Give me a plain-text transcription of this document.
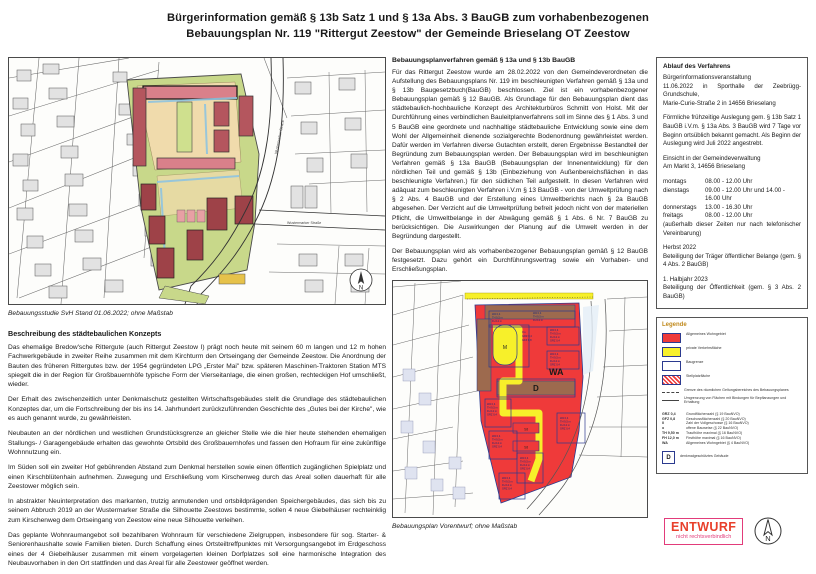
Bürgerinformation gemäß § 13b Satz 1 und § 13a Abs. 3 BauGB zum vorhabenbezogenen
Bebauungsplan Nr. 119 "Rittergut Zeestow" der Gemeinde Brieselang OT Zeestow
Wustermarker Straße
Wustermarker Straße
N
Bebauungsstudie SvH Stand 01.06.2022; ohne Maßstab
Beschreibung des städtebaulichen Konzepts

Das ehemalige Bredow'sche Rittergute (auch Rittergut Zeestow I) prägt noch heute mit seinem 60 m langen und 12 m hohen Fachwerkgebäude in zweiter Reihe zusammen mit dem Kirchturm den Ortseingang der Gemeinde Zeestow. Die Anordnung der Bauten des früheren Rittergutes bzw. der 1954 gegründeten LPG „Erster Mai" bzw. späteren Maschinen-Traktoren Station MTS spiegelt die in der Region für Großbauernhöfe typische Form der Vierseitanlage, die einen großen, rechteckigen Hof umschließt, wieder.

Der Erhalt des zwischenzeitlich unter Denkmalschutz gestellten Wirtschaftsgebäudes stellt die Grundlage des städtebaulichen Konzeptes dar, um die Fortschreibung der bis ins 14. Jahrhundert zurückzuführenden Geschichte des „Gutes bei der Kirche", wie es auch genannt wurde, zu gewährleisten.

Neubauten an der nördlichen und westlichen Grundstücksgrenze an gleicher Stelle wie die hier heute stehenden ehemaligen Stallungs- / Garagengebäude erhalten das gewohnte Ortsbild des Großbauernhofes und fassen den Hofraum für eine zukünftige Wohnnutzung ein.

Im Süden soll ein zweiter Hof gebührenden Abstand zum Denkmal herstellen sowie einen öffentlich zugänglichen Spielplatz und einen Kirschblütenhain aufnehmen. Zuwegung und Erschließung vom Kirschenweg durch das Areal sollen dauerhaft für alle Zeestower möglich sein.

In abstrakter Neuinterpretation des markanten, trutzig anmutenden und ortsbildprägenden Speichergebäudes, das sich bis zu seinem Abbruch 2019 an der Wustermarker Straße die Silhouette Zeestows bestimmte, sollen 4 neue Giebelhäuser rechteinklig zum Kirschenweg dem Ortseingang von Zeestow eine neue Silhouette verleihen.

Das geplante Wohnraumangebot soll bezahlbaren Wohnraum für verschiedene Zielgruppen, insbesondere für sog. Starter- & Seniorenhaushalte sowie Familien bieten. Durch Schaffung eines Ortsteiltreffpunktes mit Versorgungsangebot im Erdgeschoss eines der 4 Giebelhäuser zusammen mit einem vorgelagerten kleinen Dorfplatzes soll eine harmonische Integration des Neubauvorhaben in den Ort stattfinden und das Areal für alle Zeestower geöffnet werden.

Bebauungsplanverfahren gemäß § 13a und § 13b BauGB

Für das Rittergut Zeestow wurde am 28.02.2022 von den Gemeindeverordneten die Aufstellung des Bebauungsplans Nr. 119 im beschleunigten Verfahren gemäß § 13a und § 13b Baugesetzbuch(BauGB) beschlossen. Ziel ist ein vorhabenbezogener Bebauungsplan gemäß § 12 BauGB. Als Grundlage für den Bebauungsplan dient das städtebaulich-hochbauliche Konzept des Architekturbüros Schmitt von Holst. Mit der Durchführung eines verbindlichen Bauleitplanverfahrens soll im Sinne des § 1 Abs. 3 und 5 BauGB eine geordnete und nachhaltige städtebauliche Entwicklung sowie eine dem Wohl der Allgemeinheit dienende sozialgerechte Bodenordnung gewährleistet werden. Dafür werden im Verfahren diverse Gutachten erstellt, deren Ergebnisse Bestandteil der Begründung zum Bebauungsplan werden. Der Bebauungsplan wird im beschleunigten Verfahren gemäß § 13a BauGB (Bebauungsplan der Innenentwicklung) für den nördlichen Teil und gemäß § 13b (Einbeziehung von Außenbereichsflächen in das beschleunigte Verfahren.) für den südlichen Teil aufgestellt. In diesen Verfahren wird adäquat zum beschleunigten Verfahren i.V.m § 13 BauGB - von der Umweltprüfung nach § 2 Abs. 4 BauGB und der Erstellung eines Umweltberichts nach § 2a BauGB abgesehen. Der Verzicht auf die Umweltprüfung befreit jedoch nicht von der materiellen Pflicht, die Umweltbelange in der Abwägung gemäß § 1 Abs. 6 Nr. 7 BauGB zu berücksichtigen. Die Auswirkungen der Planung auf die Umwelt werden in der Begründung dargestellt.

Der Bebauungsplan wird als vorhabenbezogener Bebauungsplan gemäß § 12 BauGB festgesetzt. Dazu gehört ein Durchführungsvertrag sowie ein Vorhaben- und Erschließungsplan.

M
St
St
WA 0,4
TH 9,5 m
FH 12 m
WA 0,4
TH 9,5 m
FH 12 m
WA 0,4
TH 9,5 m
FH 12 m
GRZ 0,4
WA 0,4
TH 9,5 m
FH 12 m
GRZ 0,4
WA 0,4
TH 9,5 m
FH 12 m
GRZ 0,4
WA 0,4
TH 9,5 m
FH 12 m
GRZ 0,4
WA 0,4
TH 9,5 m
FH 12 m
GRZ 0,4
WA 0,4
TH 9,5 m
FH 12 m
GRZ 0,4
WA 0,4
TH 9,5 m
FH 12 m
GRZ 0,4
II o
GRZ 0,4
GFZ 0,8
WA
D
Bebauungsplan Vorentwurf; ohne Maßstab
Ablauf des Verfahrens
Bürgerinformationsveranstaltung
11.06.2022 in Sporthalle der Zeebrügg-Grundschule,
Marie-Curie-Straße 2 in 14656 Brieselang

Förmliche frühzeitige Auslegung gem. § 13b Satz 1 BauGB i.V.m. § 13a Abs. 3 BauGB wird 7 Tage vor Beginn ortsüblich bekannt gemacht. Als Beginn der Auslegung wird Juli 2022 angestrebt.

Einsicht in der Gemeindeverwaltung
Am Markt 3, 14656 Brieselang
montags	08.00 - 12.00 Uhr
dienstags	09.00 - 12.00 Uhr und 14.00 - 16.00 Uhr
donnerstags	13.00 - 16.30 Uhr
freitags	08.00 - 12.00 Uhr

(außerhalb dieser Zeiten nur nach telefonischer Vereinbarung)

Herbst 2022

Beteiligung der Träger öffentlicher Belange (gem. § 4 Abs. 2 BauGB)

1. Halbjahr 2023

Beteiligung der Öffentlichkeit (gem. § 3 Abs. 2 BauGB)

Legende
Allgemeines Wohngebiet
private Verkehrsfläche
Baugrenze
Stellplatzfläche
Grenze des räumlichen Geltungsbereiches des Bebauungsplanes
Umgrenzung von Flächen mit Bindungen für Bepflanzungen und Erhaltung
GRZ 0,4	Grundflächenzahl (§ 19 BauNVO)
GFZ 0,8	Geschossflächenzahl (§ 20 BauNVO)
II	Zahl der Vollgeschosse (§ 16 BauNVO)
o	offene Bauweise (§ 22 BauNVO)
TH 9,50 m	Traufhöhe maximal (§ 16 BauNVO)
FH 12,0 m	Firsthöhe maximal (§ 16 BauNVO)
WA	Allgemeines Wohngebiet (§ 4 BauNVO)
D	denkmalgeschütztes Gebäude
ENTWURF
nicht rechtsverbindlich	N
